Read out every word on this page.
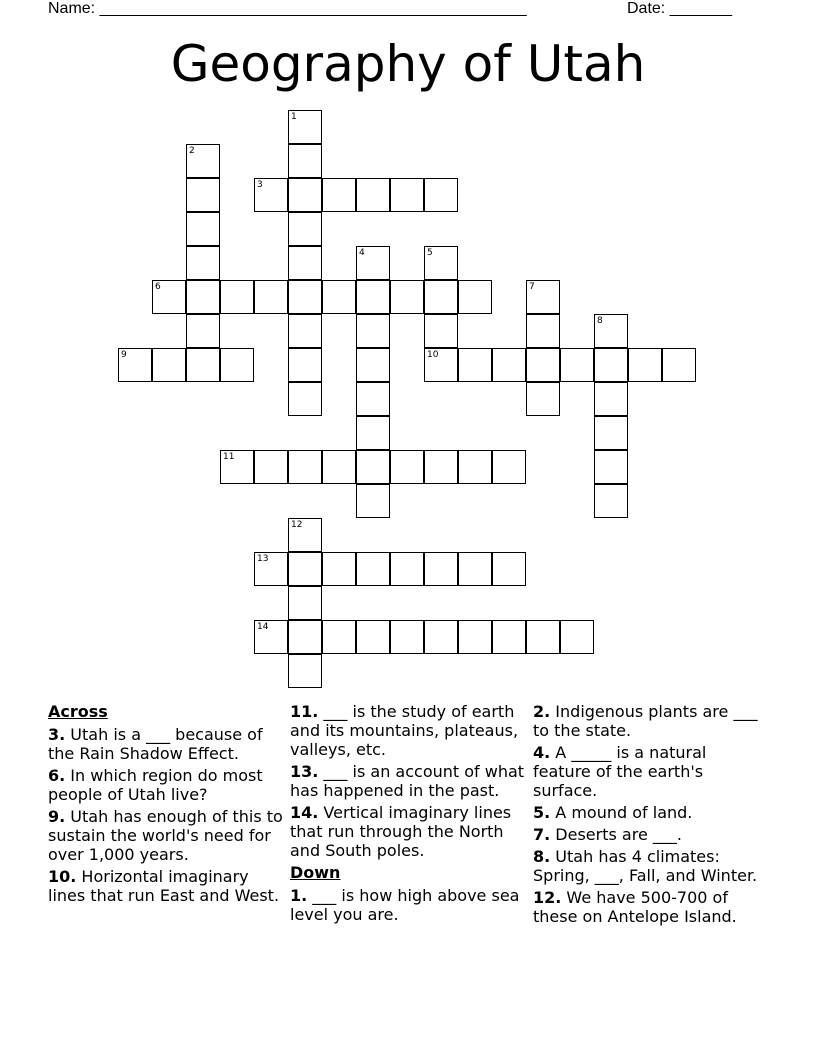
Name: ________________________________________________	Date: _______
Geography of Utah
1
2
3
4	5
6	7
8
9	10
11
12
13
14
Across
3. Utah is a ___ because of the Rain Shadow Effect.
6. In which region do most people of Utah live?
9. Utah has enough of this to sustain the world's need for over 1,000 years.
10. Horizontal imaginary lines that run East and West.
11. ___ is the study of earth and its mountains, plateaus, valleys, etc.
13. ___ is an account of what has happened in the past.
14. Vertical imaginary lines that run through the North and South poles.
Down
1. ___ is how high above sea level you are.
2. Indigenous plants are ___ to the state.
4. A _____ is a natural feature of the earth's surface.
5. A mound of land.
7. Deserts are ___.
8. Utah has 4 climates: Spring, ___, Fall, and Winter.
12. We have 500-700 of these on Antelope Island.
